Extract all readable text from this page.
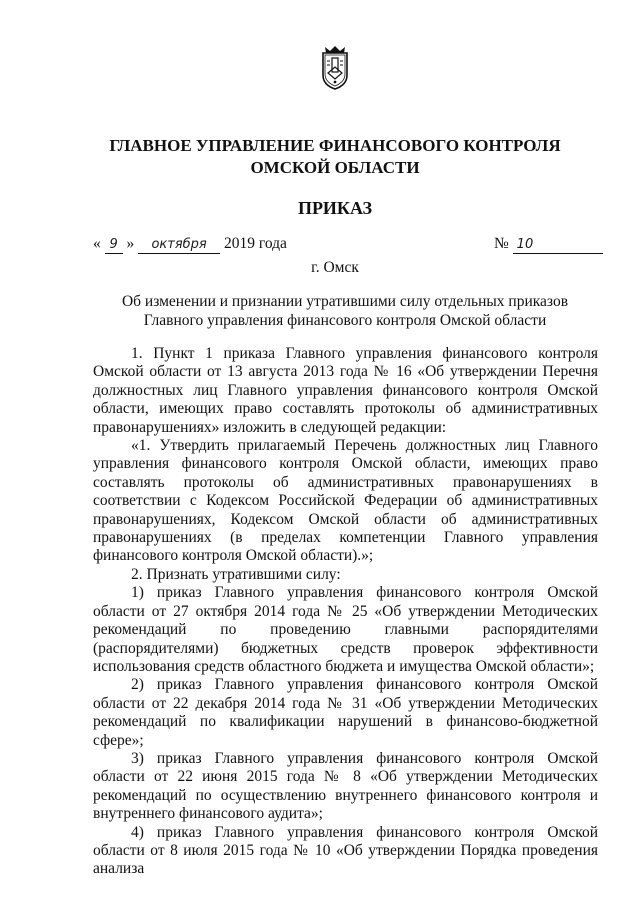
ГЛАВНОЕ УПРАВЛЕНИЕ ФИНАНСОВОГО КОНТРОЛЯ
ОМСКОЙ ОБЛАСТИ
ПРИКАЗ
« 9 » октября 2019 года	№ 10
г. Омск
Об изменении и признании утратившими силу отдельных приказов Главного управления финансового контроля Омской области

1. Пункт 1 приказа Главного управления финансового контроля Омской области от 13 августа 2013 года № 16 «Об утверждении Перечня должностных лиц Главного управления финансового контроля Омской области, имеющих право составлять протоколы об административных правонарушениях» изложить в следующей редакции:

«1. Утвердить прилагаемый Перечень должностных лиц Главного управления финансового контроля Омской области, имеющих право составлять протоколы об административных правонарушениях в соответствии с Кодексом Российской Федерации об административных правонарушениях, Кодексом Омской области об административных правонарушениях (в пределах компетенции Главного управления финансового контроля Омской области).»;

2. Признать утратившими силу:

1) приказ Главного управления финансового контроля Омской области от 27 октября 2014 года № 25 «Об утверждении Методических рекомендаций по проведению главными распорядителями (распорядителями) бюджетных средств проверок эффективности использования средств областного бюджета и имущества Омской области»;

2) приказ Главного управления финансового контроля Омской области от 22 декабря 2014 года № 31 «Об утверждении Методических рекомендаций по квалификации нарушений в финансово-бюджетной сфере»;

3) приказ Главного управления финансового контроля Омской области от 22 июня 2015 года № 8 «Об утверждении Методических рекомендаций по осуществлению внутреннего финансового контроля и внутреннего финансового аудита»;

4) приказ Главного управления финансового контроля Омской области от 8 июля 2015 года № 10 «Об утверждении Порядка проведения анализа
